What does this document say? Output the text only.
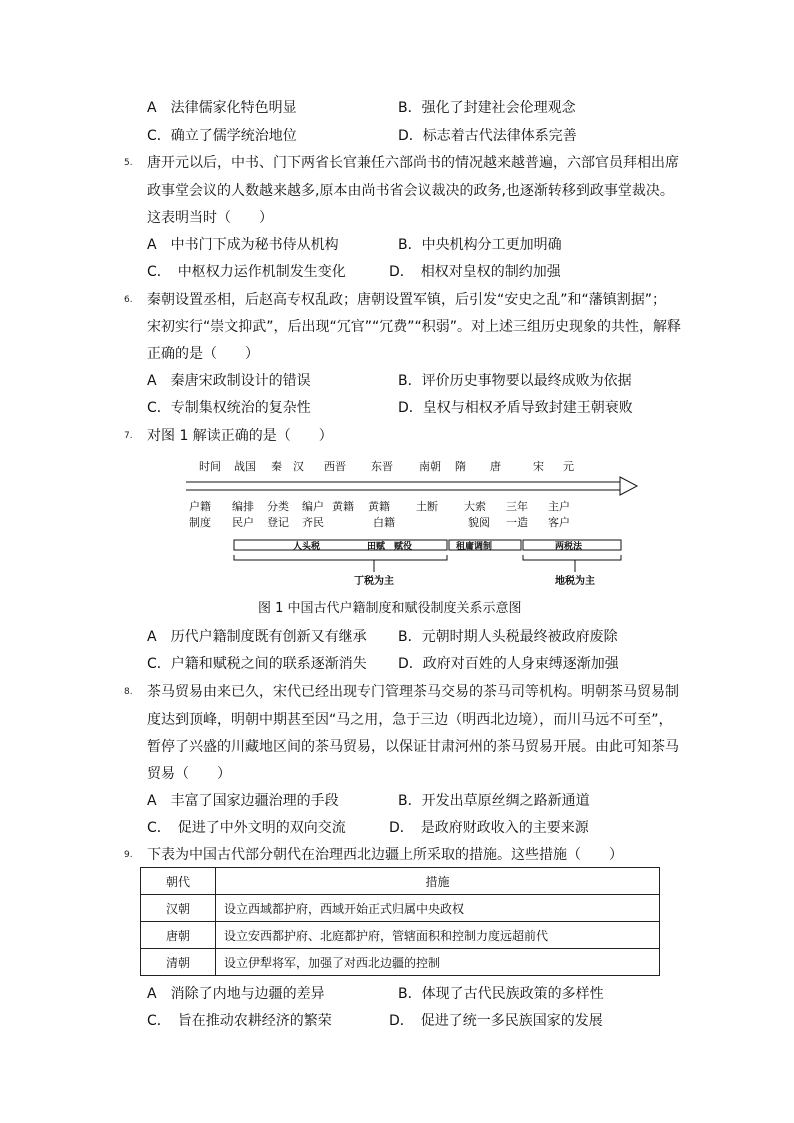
A　法律儒家化特色明显	B．强化了封建社会伦理观念
C．确立了儒学统治地位	D．标志着古代法律体系完善
5. 唐开元以后，中书、门下两省长官兼任六部尚书的情况越来越普遍，六部官员拜相出席
政事堂会议的人数越来越多,原本由尚书省会议裁决的政务,也逐渐转移到政事堂裁决。
这表明当时（　　）
A　中书门下成为秘书侍从机构	B．中央机构分工更加明确
C．　中枢权力运作机制发生变化	D．　相权对皇权的制约加强
6. 秦朝设置丞相，后赵高专权乱政；唐朝设置军镇，后引发“安史之乱”和“藩镇割据”；
宋初实行“崇文抑武”，后出现“冗官”“冗费”“积弱”。对上述三组历史现象的共性，解释
正确的是（　　）
A　秦唐宋政制设计的错误	B．评价历史事物要以最终成败为依据
C．专制集权统治的复杂性	D．皇权与相权矛盾导致封建王朝衰败
7. 对图 1 解读正确的是（　　）
时间 战国 秦 汉 西晋 东晋 南朝 隋 唐	宋 元
户籍
制度
编排
民户
分类
登记
编户
齐民
黄籍 黄籍
白籍
土断 大索
貌阅
三年
一造
主户
客户
人头税	田赋　赋役	租庸调制	两税法
丁税为主	地税为主
图 1 中国古代户籍制度和赋役制度关系示意图
A　历代户籍制度既有创新又有继承 B．元朝时期人头税最终被政府废除
C．户籍和赋税之间的联系逐渐消失 D．政府对百姓的人身束缚逐渐加强
8. 茶马贸易由来已久，宋代已经出现专门管理茶马交易的茶马司等机构。明朝茶马贸易制
度达到顶峰，明朝中期甚至因“马之用，急于三边（明西北边境），而川马远不可至”，
暂停了兴盛的川藏地区间的茶马贸易，以保证甘肃河州的茶马贸易开展。由此可知茶马
贸易（　　）
A　丰富了国家边疆治理的手段	B．开发出草原丝绸之路新通道
C．　促进了中外文明的双向交流	D．　是政府财政收入的主要来源
9. 下表为中国古代部分朝代在治理西北边疆上所采取的措施。这些措施（　　）
朝代	措施
汉朝	设立西域都护府，西域开始正式归属中央政权
唐朝	设立安西都护府、北庭都护府，管辖面积和控制力度远超前代
清朝	设立伊犁将军，加强了对西北边疆的控制
A　消除了内地与边疆的差异	B．体现了古代民族政策的多样性
C．　旨在推动农耕经济的繁荣	D．　促进了统一多民族国家的发展
